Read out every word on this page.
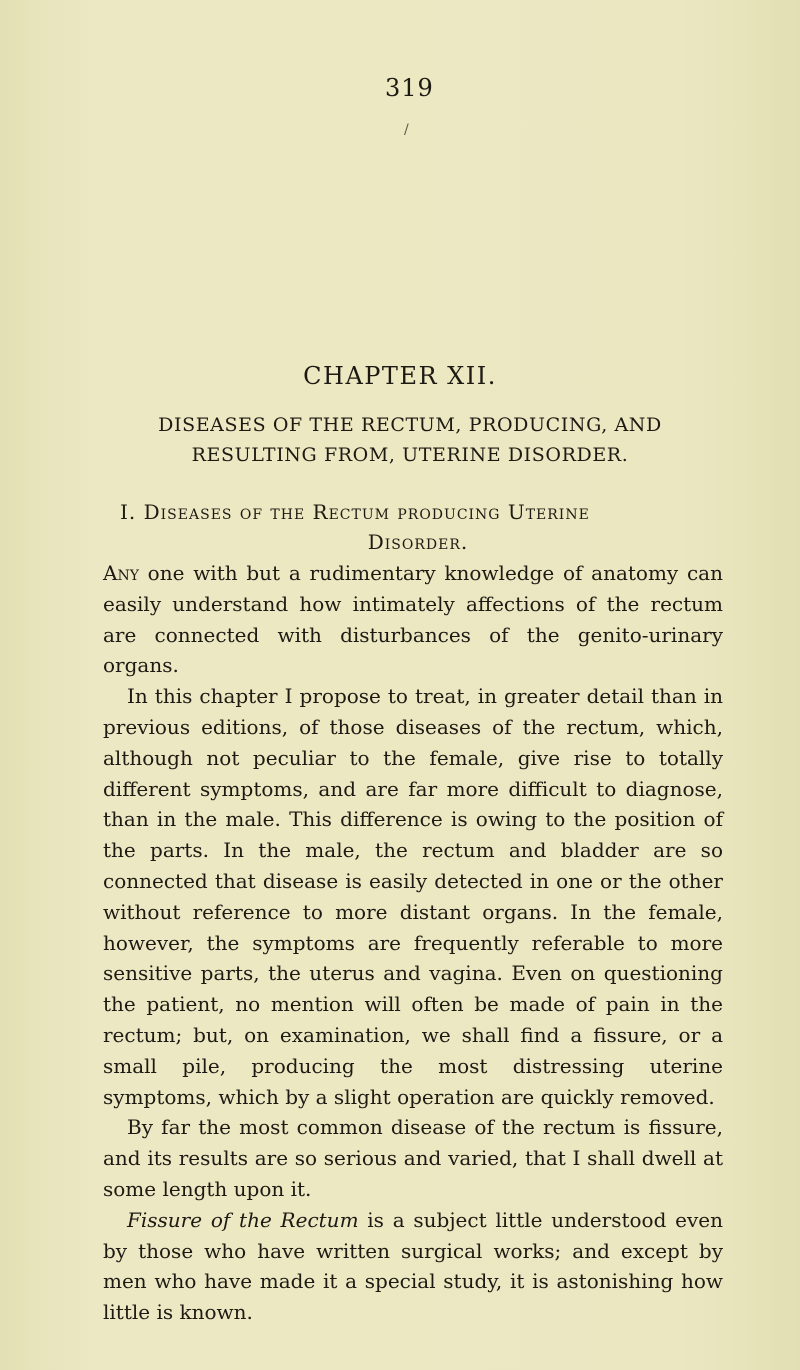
319
/
CHAPTER XII.
DISEASES OF THE RECTUM, PRODUCING, AND RESULTING FROM, UTERINE DISORDER.
I. Diseases of the Rectum producing Uterine
Disorder.

Any one with but a rudimentary knowledge of anatomy can easily understand how intimately affections of the rectum are connected with disturbances of the genito-urinary organs.

In this chapter I propose to treat, in greater detail than in previous editions, of those diseases of the rectum, which, although not peculiar to the female, give rise to totally different symptoms, and are far more difficult to diagnose, than in the male. This difference is owing to the position of the parts. In the male, the rectum and bladder are so connected that disease is easily detected in one or the other without reference to more distant organs. In the female, however, the symptoms are frequently referable to more sensitive parts, the uterus and vagina. Even on questioning the patient, no mention will often be made of pain in the rectum; but, on examination, we shall find a fissure, or a small pile, producing the most distressing uterine symptoms, which by a slight operation are quickly removed.

By far the most common disease of the rectum is fissure, and its results are so serious and varied, that I shall dwell at some length upon it.

Fissure of the Rectum is a subject little understood even by those who have written surgical works; and except by men who have made it a special study, it is astonishing how little is known.
